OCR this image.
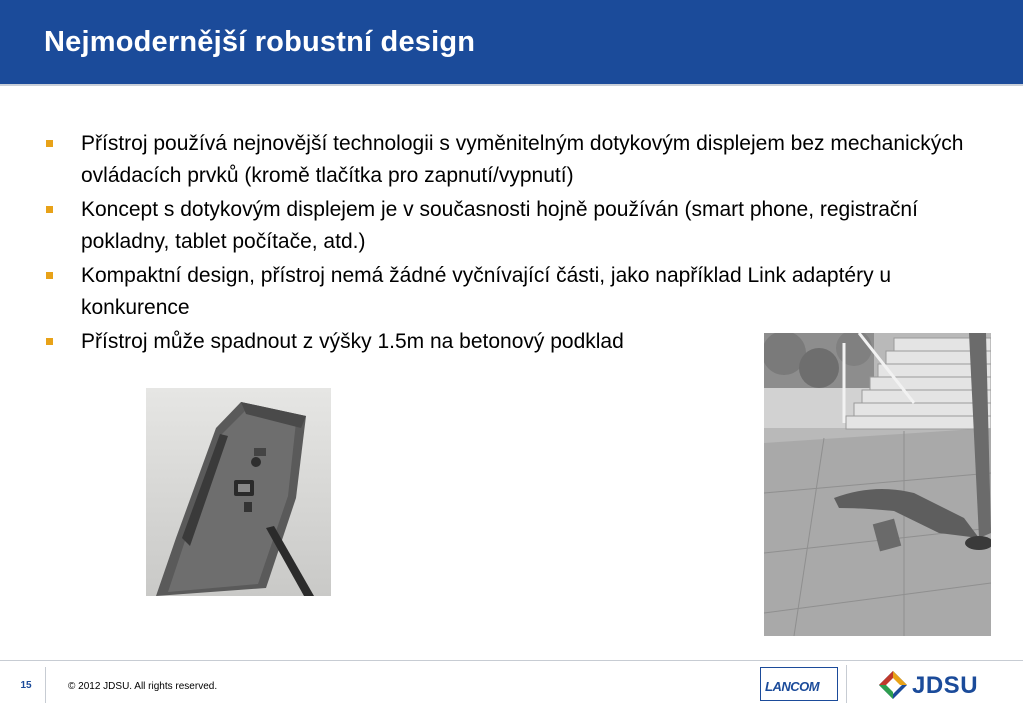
Nejmodernější robustní design
Přístroj používá nejnovější technologii s vyměnitelným dotykovým displejem bez mechanických ovládacích prvků (kromě tlačítka pro zapnutí/vypnutí)
Koncept s dotykovým displejem je v současnosti hojně používán (smart phone, registrační pokladny, tablet počítače, atd.)
Kompaktní design, přístroj nemá žádné vyčnívající části, jako například Link adaptéry u konkurence
Přístroj může spadnout z výšky 1.5m na betonový podklad
15	© 2012 JDSU. All rights reserved.	LANCOM	JDSU
